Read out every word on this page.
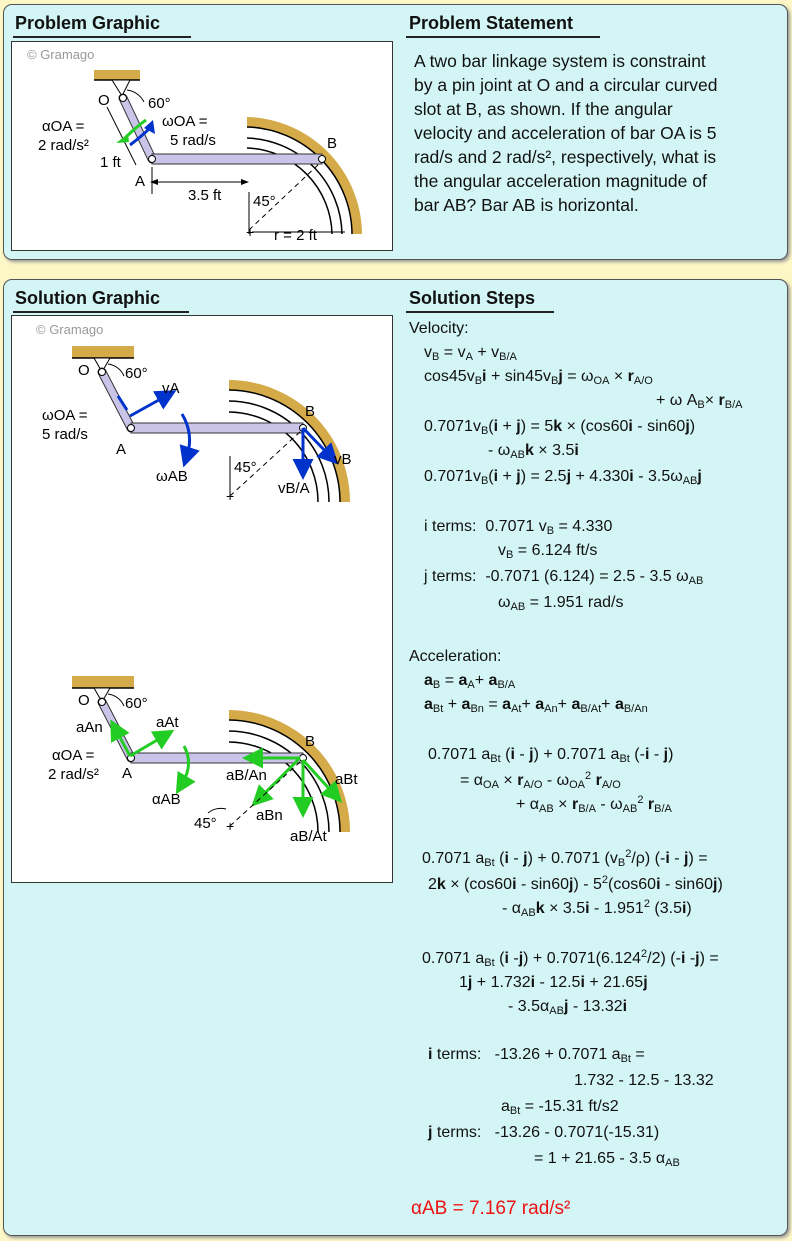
Problem Graphic	Problem Statement
© Gramago
+
O	60°
αOA =
2 rad/s²
ωOA =
5 rad/s
1 ft
A
B
3.5 ft 45°
r = 2 ft
A two bar linkage system is constraint
by a pin joint at O and a circular curved
slot at B, as shown. If the angular
velocity and acceleration of bar OA is 5
rad/s and 2 rad/s², respectively, what is
the angular acceleration magnitude of
bar AB? Bar AB is horizontal.
Solution Graphic	Solution Steps
© Gramago
+
O 60°
vA
ωOA =
5 rad/s
A
ωAB
B
vB
45°
vB/A
+
O 60°
aAn	aAt
αOA =
2 rad/s² A
αAB
B
aBt
aB/An
aBn
45°
aB/At
Velocity:
$v_B = v_A + v_{B/A}$
$\cos 45v_Bi + \sin 45v_Bj = \omega_{OA} \times r_{A/O}$
+ ω $A_B\times r_{B/A}$
$0.7071v_B(i + j) = 5k \times (\cos 60i - \sin 60j)$
- $\omega_{AB}k \times 3.5i$
$0.7071v_B(i + j) = 2.5j + 4.330i - 3.5\omega_{AB}j$
i terms:  0.7071 $v_B = 4.330$
$v_B = 6.124$ ft/s
j terms:  -0.7071 (6.124) = 2.5 - 3.5 $\omega_{AB}$
$\omega_{AB} = 1.951$ rad/s
Acceleration:
$a_B = a_A+ a_{B/A}$
$a_{Bt} + a_{Bn} = a_{At}+ a_{An}+ a_{B/At}+ a_{B/An}$
0.7071 $a_{Bt}$ (i - j) + 0.7071 $a_{Bt}$ (-i - j)
= $\alpha_{OA} \times r_{A/O} - \omega_{OA}^2$ $r_{A/O}$
+ $\alpha_{AB} \times r_{B/A} - \omega_{AB}^2$ $r_{B/A}$
0.7071 $a_{Bt}$ (i - j) + 0.7071 $(v_B^2/\rho)$ (-i - j) =
$2k \times (\cos 60i - \sin 60j) - 5^2(\cos 60i - \sin 60j)$
- $\alpha_{AB}k \times 3.5i - 1.951^2$ (3.5i)
0.7071 $a_{Bt}$ (i $-j) + 0.7071(6.124^2/2)$ (-i -j) =
1j + 1.732i - 12.5i + 21.65j
- $3.5\alpha_{AB}j - 13.32i$
i terms:   -13.26 + 0.7071 $a_{Bt}$ =
1.732 - 12.5 - 13.32
$a_{Bt} = -15.31$ ft/s2
j terms:   -13.26 - 0.7071(-15.31)
= 1 + 21.65 - 3.5 $\alpha_{AB}$
αAB = 7.167 rad/s²
